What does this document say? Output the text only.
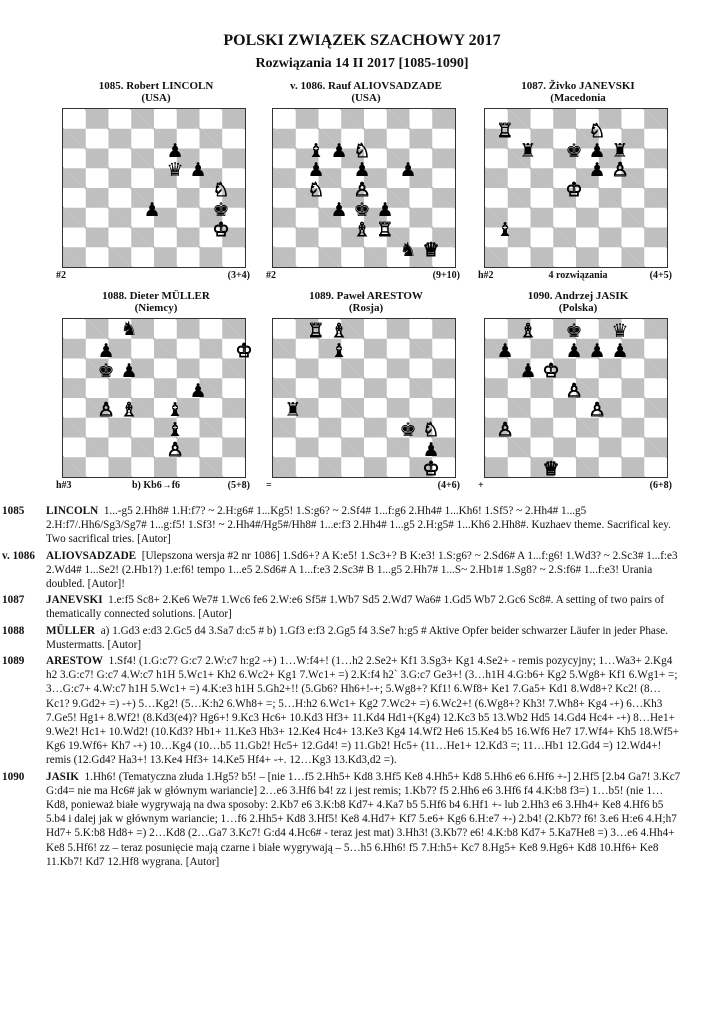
POLSKI ZWIĄZEK SZACHOWY 2017
Rozwiązania 14 II 2017 [1085-1090]
1085. Robert LINCOLN
(USA)
♟
♛ ♟
♘
♚
♟
♔
#2	(3+4)
v. 1086. Rauf ALIOVSADZADE
(USA)
♝ ♟ ♘
♟ ♟ ♟
♘ ♙
♟ ♚ ♟
♗ ♖
♞ ♕
#2	(9+10)
1087. Živko JANEVSKI
(Macedonia
♖	♘
♜ ♚ ♟ ♜
♟ ♙
♔
♝
h#2	4 rozwiązania	(4+5)
1088. Dieter MÜLLER
(Niemcy)
♞
♟	♔
♚ ♟
♟
♙ ♗ ♝
♝
♙
h#3	b) Kb6→f6	(5+8)
1089. Paweł ARESTOW
(Rosja)
♖ ♗
♝
♜
♚ ♘
♟
♔
=	(4+6)
1090. Andrzej JASIK
(Polska)
♗ ♚ ♛
♟	♟ ♟ ♟
♟ ♔
♙
♙
♙
♕
+	(6+8)
1085	LINCOLN 1...-g5 2.Hh8# 1.H:f7? ~ 2.H:g6# 1...Kg5! 1.S:g6? ~ 2.Sf4# 1...f:g6 2.Hh4# 1...Kh6! 1.Sf5? ~ 2.Hh4# 1...g5 2.H:f7/.Hh6/Sg3/Sg7# 1...g:f5! 1.Sf3! ~ 2.Hh4#/Hg5#/Hh8# 1...e:f3 2.Hh4# 1...g5 2.H:g5# 1...Kh6 2.Hh8#. Kuzhaev theme. Sacrifical key. Two sacrifical tries. [Autor]
v. 1086 ALIOVSADZADE [Ulepszona wersja #2 nr 1086] 1.Sd6+? A K:e5! 1.Sc3+? B K:e3! 1.S:g6? ~ 2.Sd6# A 1...f:g6! 1.Wd3? ~ 2.Sc3# 1...f:e3 2.Wd4# 1...Se2! (2.Hb1?) 1.e:f6! tempo 1...e5 2.Sd6# A 1...f:e3 2.Sc3# B 1...g5 2.Hh7# 1...S~ 2.Hb1# 1.Sg8? ~ 2.S:f6# 1...f:e3! Urania doubled. [Autor]!
1087	JANEVSKI 1.e:f5 Sc8+ 2.Ke6 We7# 1.Wc6 fe6 2.W:e6 Sf5# 1.Wb7 Sd5 2.Wd7 Wa6# 1.Gd5 Wb7 2.Gc6 Sc8#. A setting of two pairs of thematically connected solutions. [Autor]
1088	MÜLLER a) 1.Gd3 e:d3 2.Gc5 d4 3.Sa7 d:c5 # b) 1.Gf3 e:f3 2.Gg5 f4 3.Se7 h:g5 # Aktive Opfer beider schwarzer Läufer in jeder Phase. Mustermatts. [Autor]
1089	ARESTOW 1.Sf4! (1.G:c7? G:c7 2.W:c7 h:g2 -+) 1…W:f4+! (1…h2 2.Se2+ Kf1 3.Sg3+ Kg1 4.Se2+ - remis pozycyjny; 1…Wa3+ 2.Kg4 h2 3.G:c7! G:c7 4.W:c7 h1H 5.Wc1+ Kh2 6.Wc2+ Kg1 7.Wc1+ =) 2.K:f4 h2` 3.G:c7 Ge3+! (3…h1H 4.G:b6+ Kg2 5.Wg8+ Kf1 6.Wg1+ =; 3…G:c7+ 4.W:c7 h1H 5.Wc1+ =) 4.K:e3 h1H 5.Gh2+!! (5.Gb6? Hh6+!-+; 5.Wg8+? Kf1! 6.Wf8+ Ke1 7.Ga5+ Kd1 8.Wd8+? Kc2! (8…Kc1? 9.Gd2+ =) -+) 5…Kg2! (5…K:h2 6.Wh8+ =; 5…H:h2 6.Wc1+ Kg2 7.Wc2+ =) 6.Wc2+! (6.Wg8+? Kh3! 7.Wh8+ Kg4 -+) 6…Kh3 7.Ge5! Hg1+ 8.Wf2! (8.Kd3(e4)? Hg6+! 9.Kc3 Hc6+ 10.Kd3 Hf3+ 11.Kd4 Hd1+(Kg4) 12.Kc3 b5 13.Wb2 Hd5 14.Gd4 Hc4+ -+) 8…He1+ 9.We2! Hc1+ 10.Wd2! (10.Kd3? Hb1+ 11.Ke3 Hb3+ 12.Ke4 Hc4+ 13.Ke3 Kg4 14.Wf2 He6 15.Ke4 b5 16.Wf6 He7 17.Wf4+ Kh5 18.Wf5+ Kg6 19.Wf6+ Kh7 -+) 10…Kg4 (10…b5 11.Gb2! Hc5+ 12.Gd4! =) 11.Gb2! Hc5+ (11…He1+ 12.Kd3 =; 11…Hb1 12.Gd4 =) 12.Wd4+! remis (12.Gd4? Ha3+! 13.Ke4 Hf3+ 14.Ke5 Hf4+ -+. 12…Kg3 13.Kd3,d2 =).
1090	JASIK 1.Hh6! (Tematyczna złuda 1.Hg5? b5! – [nie 1…f5 2.Hh5+ Kd8 3.Hf5 Ke8 4.Hh5+ Kd8 5.Hh6 e6 6.Hf6 +-] 2.Hf5 [2.b4 Ga7! 3.Kc7 G:d4= nie ma Hc6# jak w głównym wariancie] 2…e6 3.Hf6 b4! zz i jest remis; 1.Kb7? f5 2.Hh6 e6 3.Hf6 f4 4.K:b8 f3=) 1…b5! (nie 1…Kd8, ponieważ białe wygrywają na dwa sposoby: 2.Kb7 e6 3.K:b8 Kd7+ 4.Ka7 b5 5.Hf6 b4 6.Hf1 +- lub 2.Hh3 e6 3.Hh4+ Ke8 4.Hf6 b5 5.b4 i dalej jak w głównym wariancie; 1…f6 2.Hh5+ Kd8 3.Hf5! Ke8 4.Hd7+ Kf7 5.e6+ Kg6 6.H:e7 +-) 2.b4! (2.Kb7? f6! 3.e6 H:e6 4.H;h7 Hd7+ 5.K:b8 Hd8+ =) 2…Kd8 (2…Ga7 3.Kc7! G:d4 4.Hc6# - teraz jest mat) 3.Hh3! (3.Kb7? e6! 4.K:b8 Kd7+ 5.Ka7He8 =) 3…e6 4.Hh4+ Ke8 5.Hf6! zz – teraz posunięcie mają czarne i białe wygrywają – 5…h5 6.Hh6! f5 7.H:h5+ Kc7 8.Hg5+ Ke8 9.Hg6+ Kd8 10.Hf6+ Ke8 11.Kb7! Kd7 12.Hf8 wygrana. [Autor]
